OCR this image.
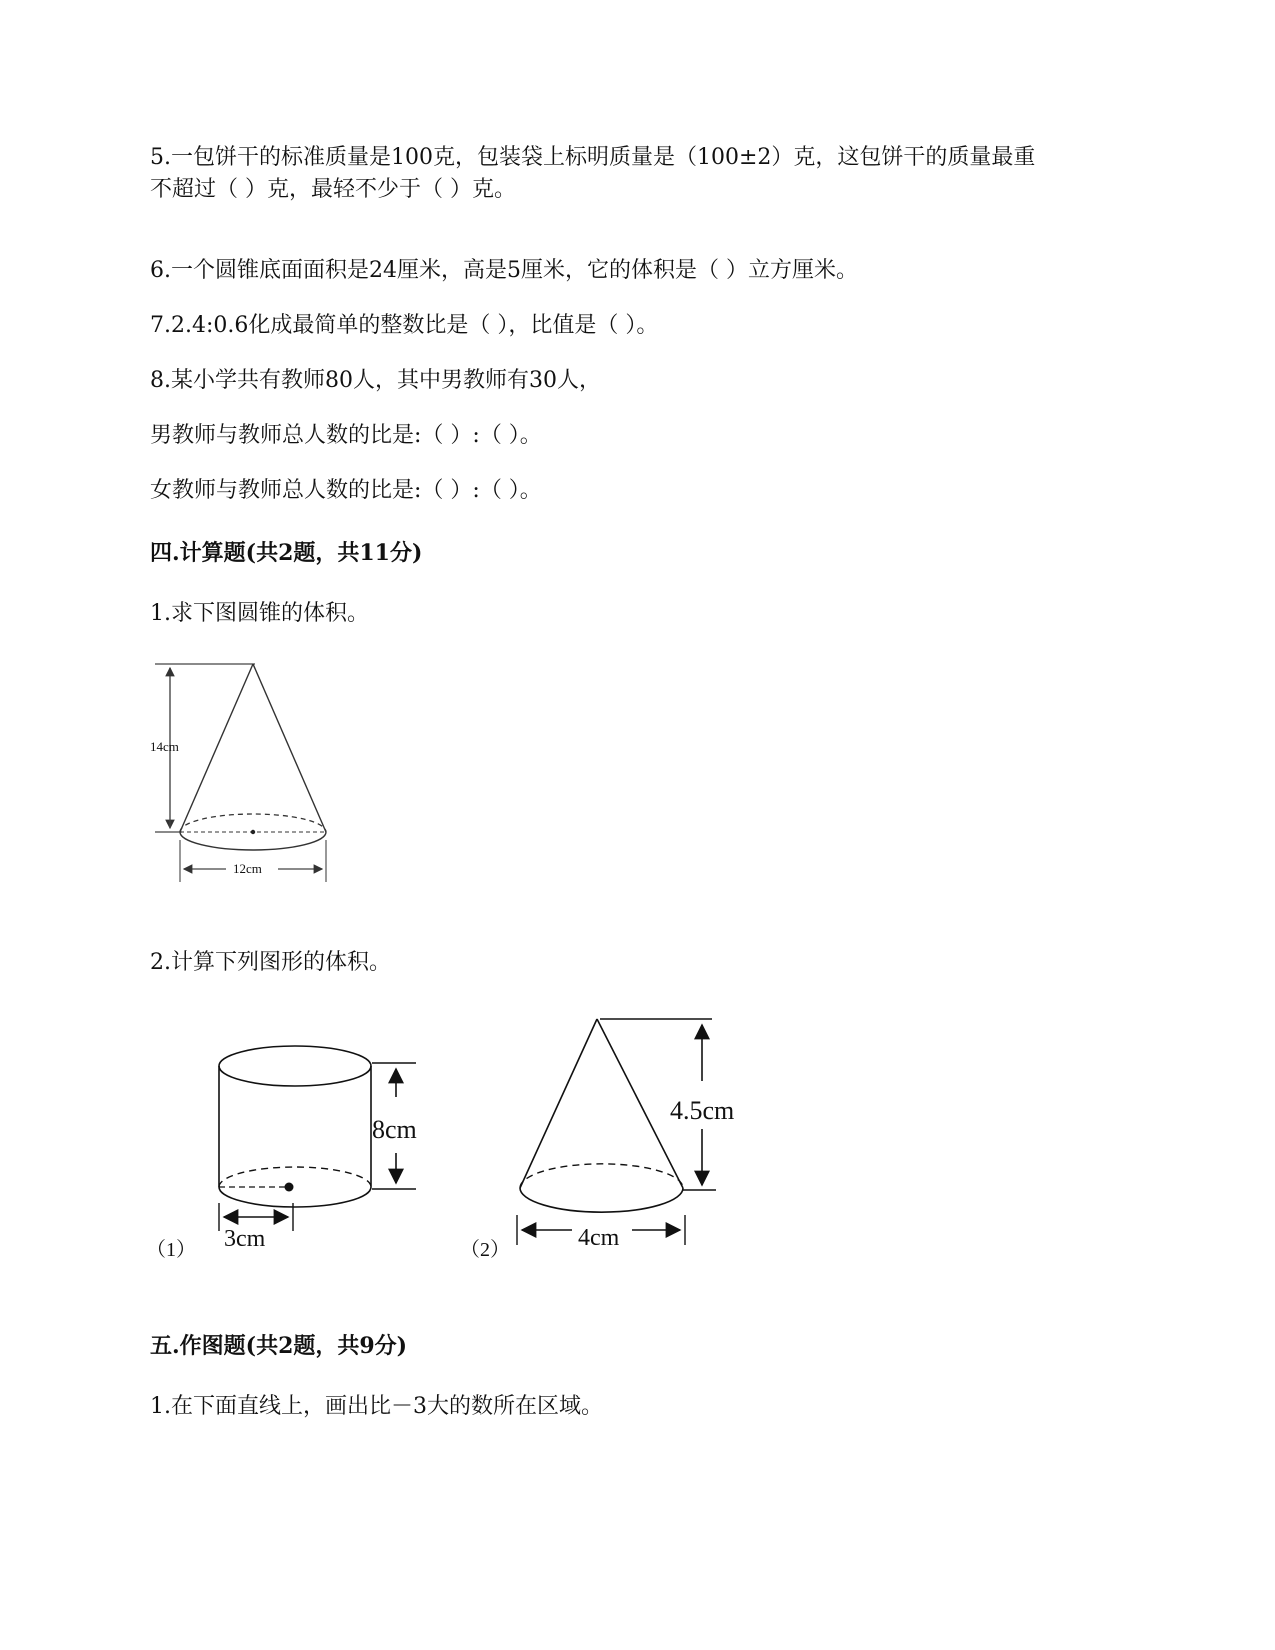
5.一包饼干的标准质量是100克，包装袋上标明质量是（100±2）克，这包饼干的质量最重

不超过（ ）克，最轻不少于（ ）克。

6.一个圆锥底面面积是24厘米，高是5厘米，它的体积是（ ）立方厘米。

7.2.4:0.6化成最简单的整数比是（ ），比值是（ ）。

8.某小学共有教师80人，其中男教师有30人，

男教师与教师总人数的比是:（ ）:（ ）。

女教师与教师总人数的比是:（ ）:（ ）。

四.计算题(共2题，共11分)

1.求下图圆锥的体积。

14cm
12cm

2.计算下列图形的体积。

8cm
3cm
（1）
4.5cm
4cm
（2）

五.作图题(共2题，共9分)

1.在下面直线上，画出比－3大的数所在区域。
